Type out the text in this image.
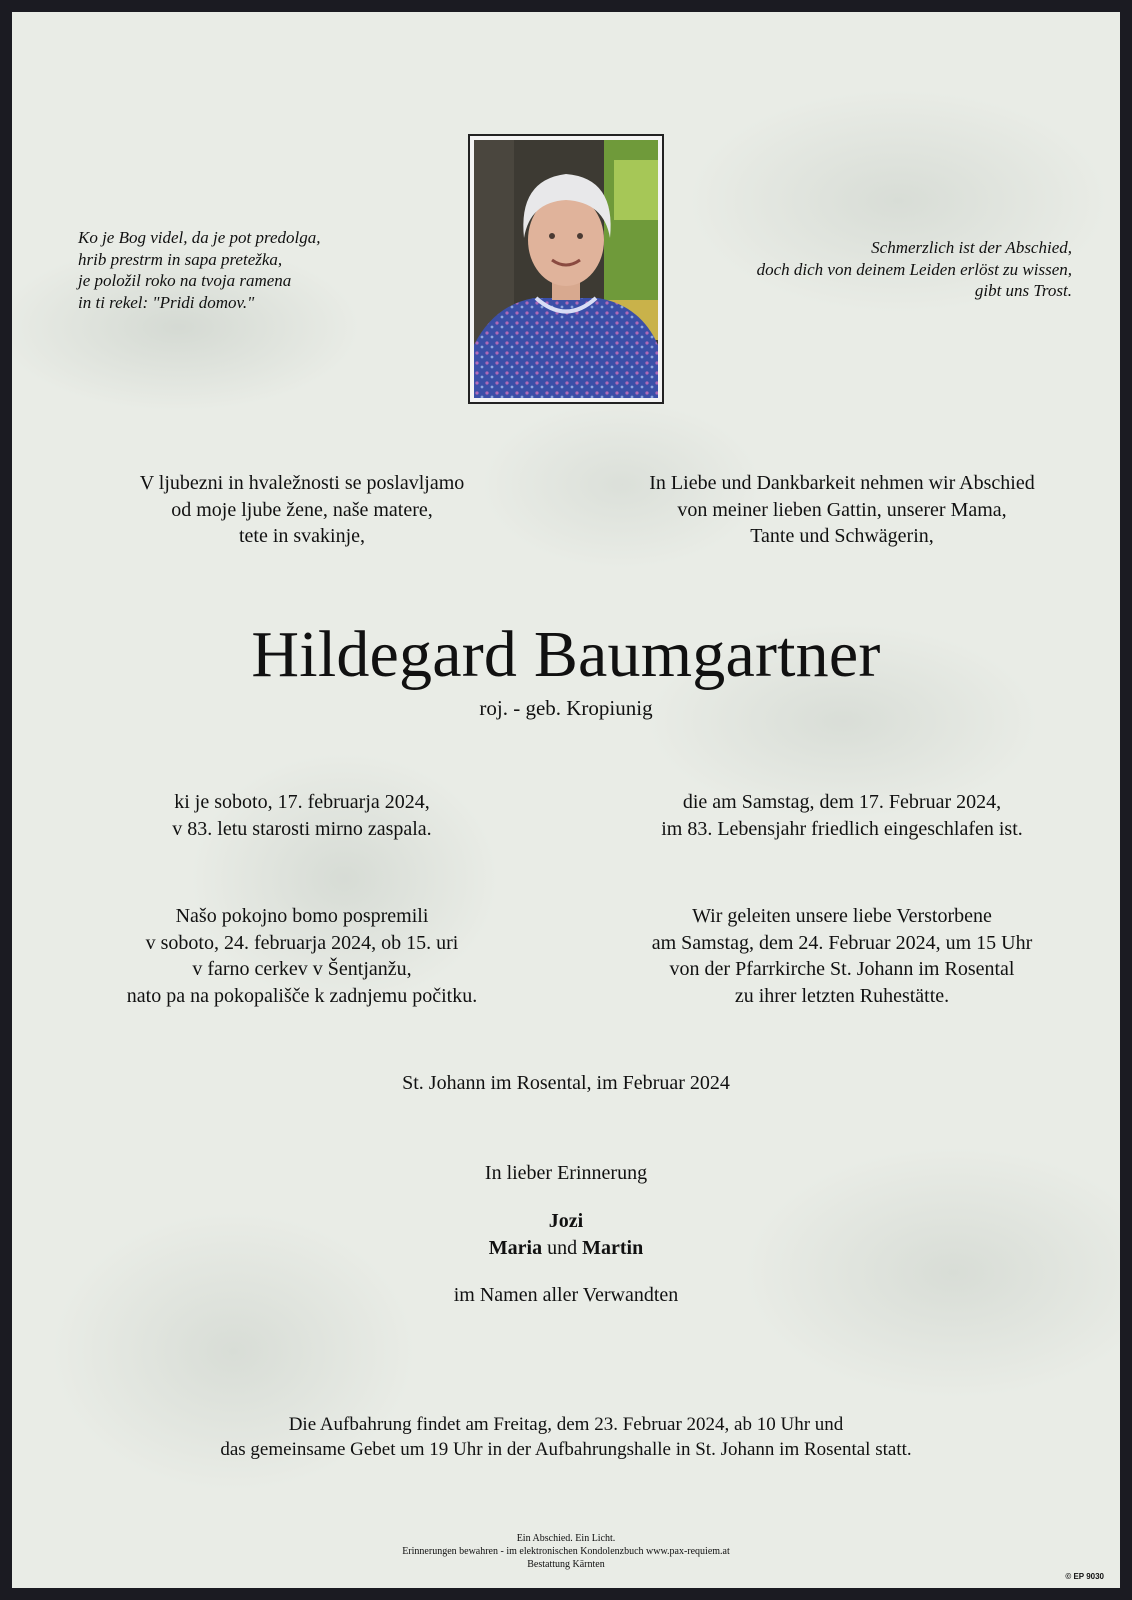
Ko je Bog videl, da je pot predolga,
hrib prestrm in sapa pretežka,
je položil roko na tvoja ramena
in ti rekel: "Pridi domov."
Schmerzlich ist der Abschied,
doch dich von deinem Leiden erlöst zu wissen,
gibt uns Trost.
V ljubezni in hvaležnosti se poslavljamo
od moje ljube žene, naše matere,
tete in svakinje,
In Liebe und Dankbarkeit nehmen wir Abschied
von meiner lieben Gattin, unserer Mama,
Tante und Schwägerin,
Hildegard Baumgartner
roj. - geb. Kropiunig
ki je soboto, 17. februarja 2024,
v 83. letu starosti mirno zaspala.
die am Samstag, dem 17. Februar 2024,
im 83. Lebensjahr friedlich eingeschlafen ist.
Našo pokojno bomo pospremili
v soboto, 24. februarja 2024, ob 15. uri
v farno cerkev v Šentjanžu,
nato pa na pokopališče k zadnjemu počitku.
Wir geleiten unsere liebe Verstorbene
am Samstag, dem 24. Februar 2024, um 15 Uhr
von der Pfarrkirche St. Johann im Rosental
zu ihrer letzten Ruhestätte.
St. Johann im Rosental, im Februar 2024
In lieber Erinnerung
Jozi
Maria und Martin
im Namen aller Verwandten
Die Aufbahrung findet am Freitag, dem 23. Februar 2024, ab 10 Uhr und
das gemeinsame Gebet um 19 Uhr in der Aufbahrungshalle in St. Johann im Rosental statt.
Ein Abschied. Ein Licht.
Erinnerungen bewahren - im elektronischen Kondolenzbuch www.pax-requiem.at
Bestattung Kärnten
© EP 9030
